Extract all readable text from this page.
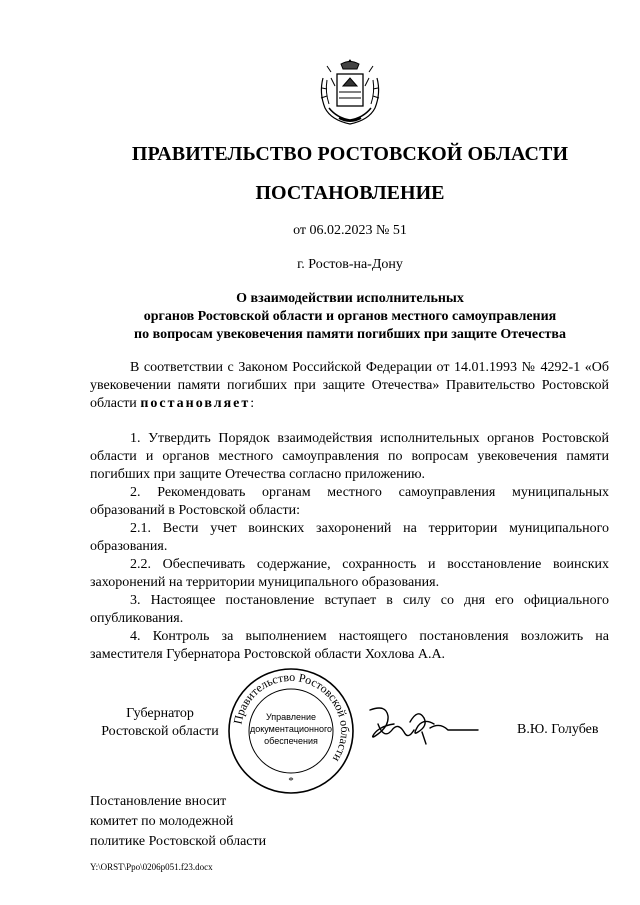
ПРАВИТЕЛЬСТВО РОСТОВСКОЙ ОБЛАСТИ
ПОСТАНОВЛЕНИЕ
от 06.02.2023 № 51
г. Ростов-на-Дону
О взаимодействии исполнительных
органов Ростовской области и органов местного самоуправления
по вопросам увековечения памяти погибших при защите Отечества

В соответствии с Законом Российской Федерации от 14.01.1993 № 4292-1 «Об увековечении памяти погибших при защите Отечества» Правительство Ростовской области постановляет:

1. Утвердить Порядок взаимодействия исполнительных органов Ростовской области и органов местного самоуправления по вопросам увековечения памяти погибших при защите Отечества согласно приложению.

2. Рекомендовать органам местного самоуправления муниципальных образований в Ростовской области:

2.1. Вести учет воинских захоронений на территории муниципального образования.

2.2. Обеспечивать содержание, сохранность и восстановление воинских захоронений на территории муниципального образования.

3. Настоящее постановление вступает в силу со дня его официального опубликования.

4. Контроль за выполнением настоящего постановления возложить на заместителя Губернатора Ростовской области Хохлова А.А.

Губернатор
Ростовской области
Правительство Ростовской области
Управление
документационного
обеспечения
*
В.Ю. Голубев
Постановление вносит
комитет по молодежной
политике Ростовской области
Y:\ORST\Ppo\0206p051.f23.docx
